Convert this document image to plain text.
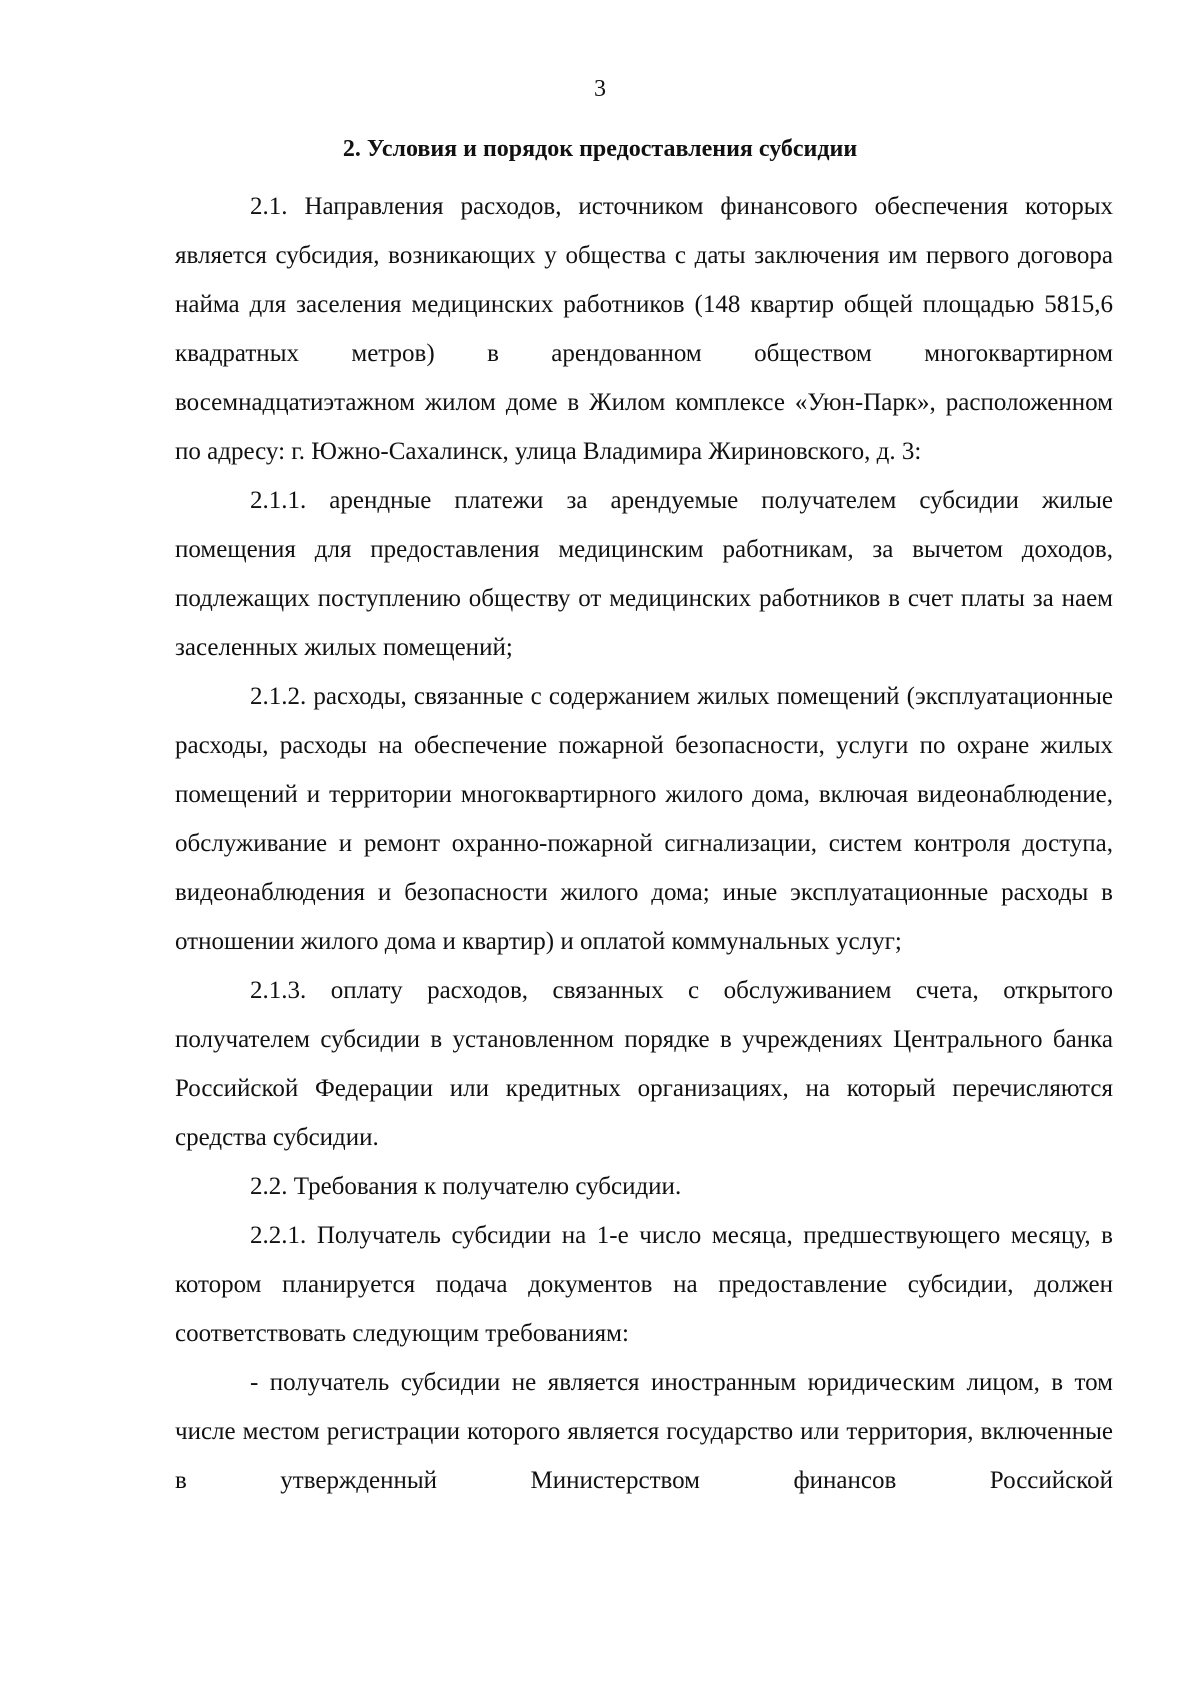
3
2. Условия и порядок предоставления субсидии

2.1. Направления расходов, источником финансового обеспечения которых является субсидия, возникающих у общества с даты заключения им первого договора найма для заселения медицинских работников (148 квартир общей площадью 5815,6 квадратных метров) в арендованном обществом многоквартирном восемнадцатиэтажном жилом доме в Жилом комплексе «Уюн-Парк», расположенном по адресу: г. Южно-Сахалинск, улица Владимира Жириновского, д. 3:

2.1.1. арендные платежи за арендуемые получателем субсидии жилые помещения для предоставления медицинским работникам, за вычетом доходов, подлежащих поступлению обществу от медицинских работников в счет платы за наем заселенных жилых помещений;

2.1.2. расходы, связанные с содержанием жилых помещений (эксплуатационные расходы, расходы на обеспечение пожарной безопасности, услуги по охране жилых помещений и территории многоквартирного жилого дома, включая видеонаблюдение, обслуживание и ремонт охранно-пожарной сигнализации, систем контроля доступа, видеонаблюдения и безопасности жилого дома; иные эксплуатационные расходы в отношении жилого дома и квартир) и оплатой коммунальных услуг;

2.1.3. оплату расходов, связанных с обслуживанием счета, открытого получателем субсидии в установленном порядке в учреждениях Центрального банка Российской Федерации или кредитных организациях, на который перечисляются средства субсидии.

2.2. Требования к получателю субсидии.

2.2.1. Получатель субсидии на 1-е число месяца, предшествующего месяцу, в котором планируется подача документов на предоставление субсидии, должен соответствовать следующим требованиям:

- получатель субсидии не является иностранным юридическим лицом, в том числе местом регистрации которого является государство или территория, включенные в утвержденный Министерством финансов Российской
